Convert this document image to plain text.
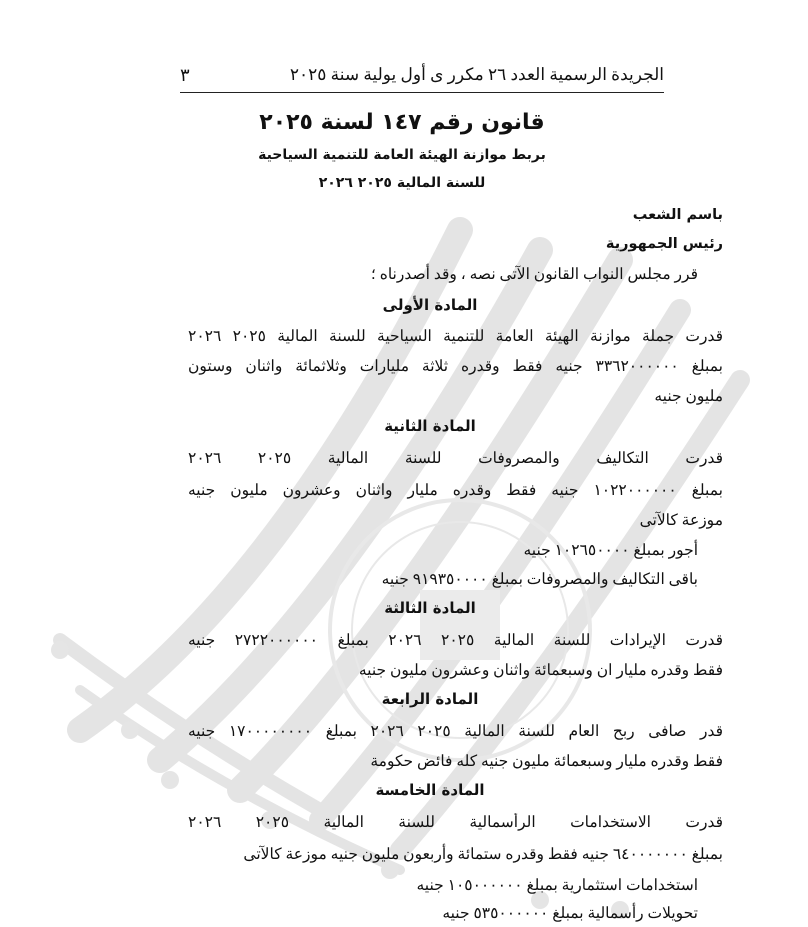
الجريدة الرسمية العدد ٢٦ مكرر ى أول يولية سنة ٢٠٢٥
٣
قانون رقم ١٤٧ لسنة ٢٠٢٥
بربط موازنة الهيئة العامة للتنمية السياحية
للسنة المالية ٢٠٢٥ ٢٠٢٦
باسم الشعب
رئيس الجمهورية
قرر مجلس النواب القانون الآتى نصه ، وقد أصدرناه ؛
المادة الأولى
قدرت جملة موازنة الهيئة العامة للتنمية السياحية للسنة المالية ٢٠٢٥ ٢٠٢٦
بمبلغ ٣٣٦٢٠٠٠٠٠٠ جنيه فقط وقدره ثلاثة مليارات وثلاثمائة واثنان وستون
مليون جنيه
المادة الثانية
قدرت التكاليف والمصروفات للسنة المالية ٢٠٢٥ ٢٠٢٦
بمبلغ ١٠٢٢٠٠٠٠٠٠ جنيه فقط وقدره مليار واثنان وعشرون مليون جنيه
موزعة كالآتى
أجور بمبلغ ١٠٢٦٥٠٠٠٠ جنيه
باقى التكاليف والمصروفات بمبلغ ٩١٩٣٥٠٠٠٠ جنيه
المادة الثالثة
قدرت الإيرادات للسنة المالية ٢٠٢٥ ٢٠٢٦ بمبلغ ٢٧٢٢٠٠٠٠٠٠ جنيه
فقط وقدره مليار ان وسبعمائة واثنان وعشرون مليون جنيه
المادة الرابعة
قدر صافى ربح العام للسنة المالية ٢٠٢٥ ٢٠٢٦ بمبلغ ١٧٠٠٠٠٠٠٠٠ جنيه
فقط وقدره مليار وسبعمائة مليون جنيه كله فائض حكومة
المادة الخامسة
قدرت الاستخدامات الرأسمالية للسنة المالية ٢٠٢٥ ٢٠٢٦
بمبلغ ٦٤٠٠٠٠٠٠٠ جنيه فقط وقدره ستمائة وأربعون مليون جنيه موزعة كالآتى
استخدامات استثمارية بمبلغ ١٠٥٠٠٠٠٠٠ جنيه
تحويلات رأسمالية بمبلغ ٥٣٥٠٠٠٠٠٠ جنيه
